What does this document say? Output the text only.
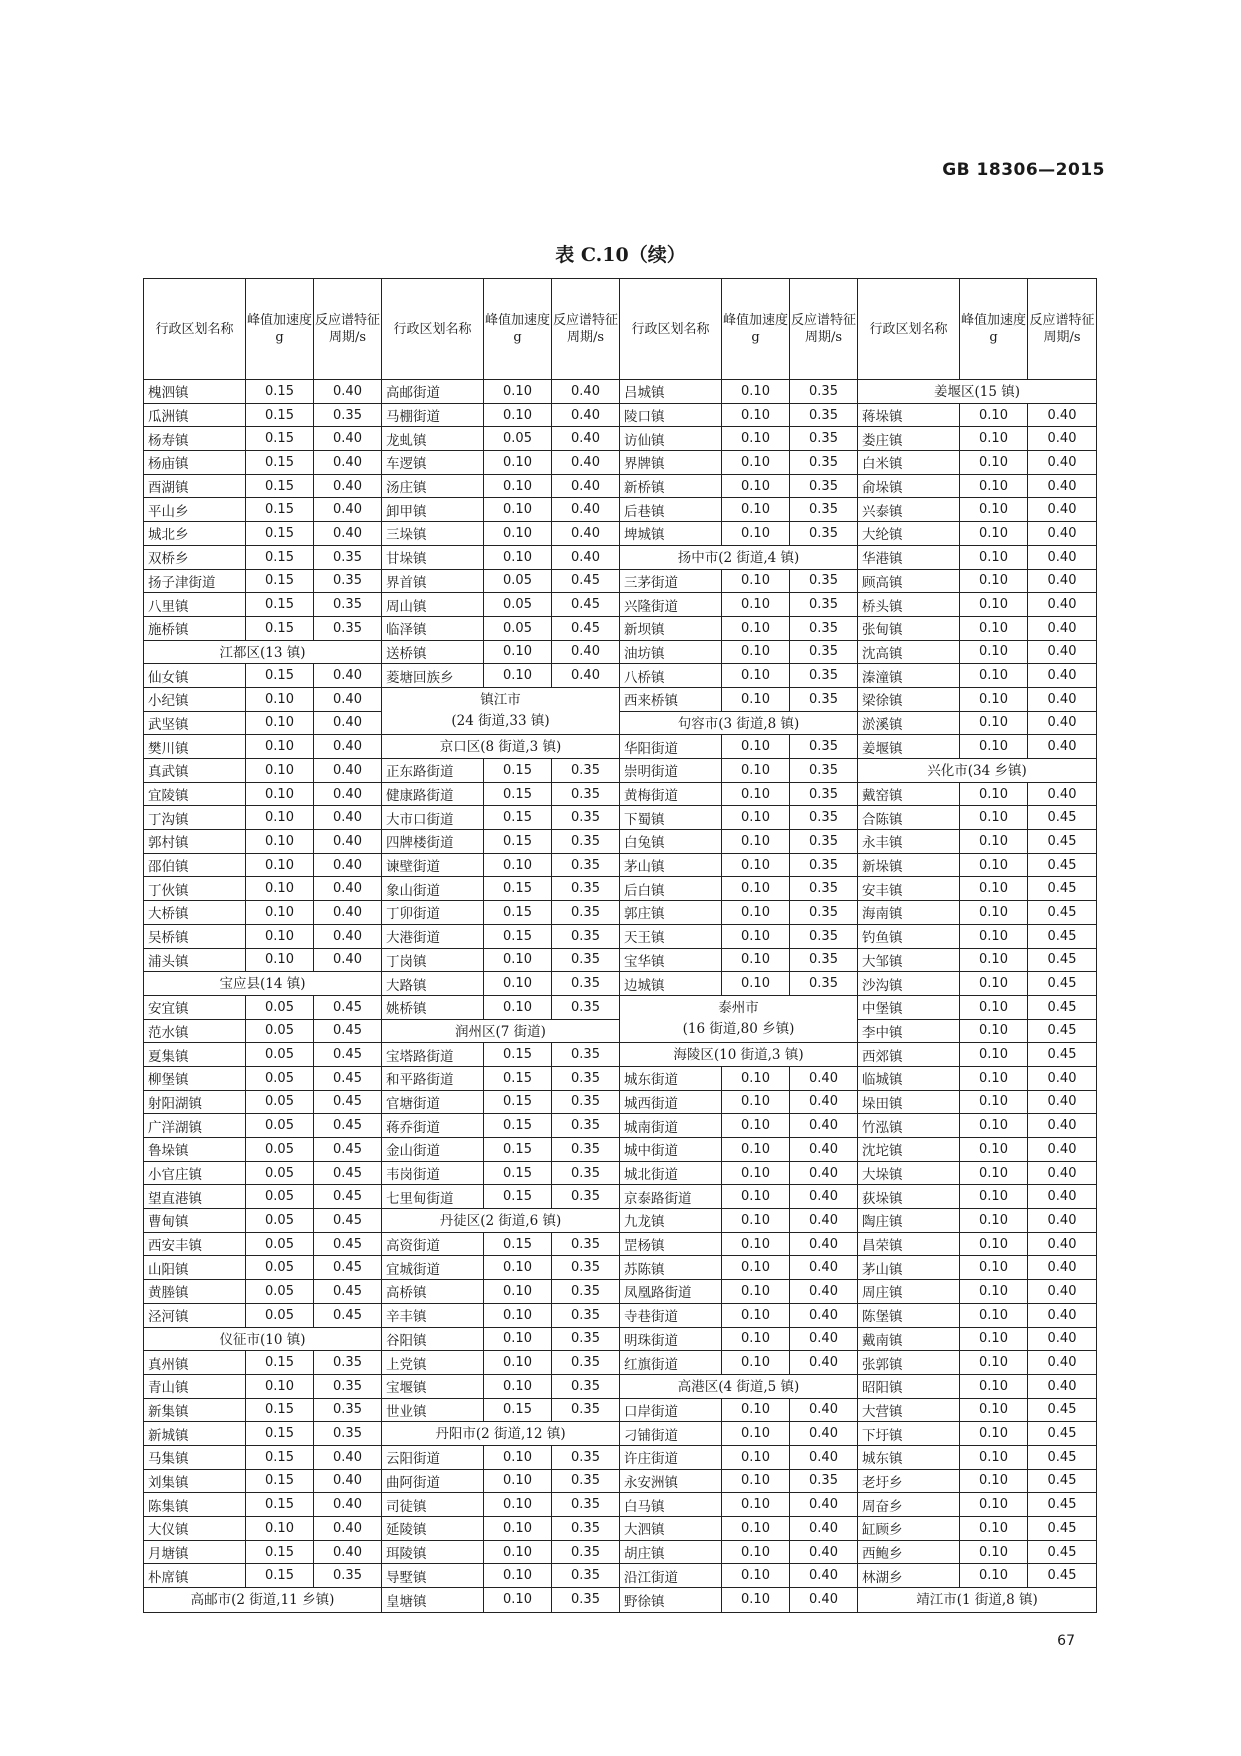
GB 18306—2015
表 C.10（续）
行政区划名称
峰值加速度g
反应谱特征周期/s
槐泗镇	0.15	0.40
瓜洲镇	0.15	0.35
杨寿镇	0.15	0.40
杨庙镇	0.15	0.40
酉湖镇	0.15	0.40
平山乡	0.15	0.40
城北乡	0.15	0.40
双桥乡	0.15	0.35
扬子津街道	0.15	0.35
八里镇	0.15	0.35
施桥镇	0.15	0.35
江都区(13 镇)
仙女镇	0.15	0.40
小纪镇	0.10	0.40
武坚镇	0.10	0.40
樊川镇	0.10	0.40
真武镇	0.10	0.40
宜陵镇	0.10	0.40
丁沟镇	0.10	0.40
郭村镇	0.10	0.40
邵伯镇	0.10	0.40
丁伙镇	0.10	0.40
大桥镇	0.10	0.40
吴桥镇	0.10	0.40
浦头镇	0.10	0.40
宝应县(14 镇)
安宜镇	0.05	0.45
范水镇	0.05	0.45
夏集镇	0.05	0.45
柳堡镇	0.05	0.45
射阳湖镇	0.05	0.45
广洋湖镇	0.05	0.45
鲁垛镇	0.05	0.45
小官庄镇	0.05	0.45
望直港镇	0.05	0.45
曹甸镇	0.05	0.45
西安丰镇	0.05	0.45
山阳镇	0.05	0.45
黄塍镇	0.05	0.45
泾河镇	0.05	0.45
仪征市(10 镇)
真州镇	0.15	0.35
青山镇	0.10	0.35
新集镇	0.15	0.35
新城镇	0.15	0.35
马集镇	0.15	0.40
刘集镇	0.15	0.40
陈集镇	0.15	0.40
大仪镇	0.10	0.40
月塘镇	0.15	0.40
朴席镇	0.15	0.35
高邮市(2 街道,11 乡镇)
行政区划名称
峰值加速度g
反应谱特征周期/s
高邮街道	0.10	0.40
马棚街道	0.10	0.40
龙虬镇	0.05	0.40
车逻镇	0.10	0.40
汤庄镇	0.10	0.40
卸甲镇	0.10	0.40
三垛镇	0.10	0.40
甘垛镇	0.10	0.40
界首镇	0.05	0.45
周山镇	0.05	0.45
临泽镇	0.05	0.45
送桥镇	0.10	0.40
菱塘回族乡	0.10	0.40
镇江市
(24 街道,33 镇)
京口区(8 街道,3 镇)
正东路街道	0.15	0.35
健康路街道	0.15	0.35
大市口街道	0.15	0.35
四牌楼街道	0.15	0.35
谏壁街道	0.10	0.35
象山街道	0.15	0.35
丁卯街道	0.15	0.35
大港街道	0.15	0.35
丁岗镇	0.10	0.35
大路镇	0.10	0.35
姚桥镇	0.10	0.35
润州区(7 街道)
宝塔路街道	0.15	0.35
和平路街道	0.15	0.35
官塘街道	0.15	0.35
蒋乔街道	0.15	0.35
金山街道	0.15	0.35
韦岗街道	0.15	0.35
七里甸街道	0.15	0.35
丹徒区(2 街道,6 镇)
高资街道	0.15	0.35
宜城街道	0.10	0.35
高桥镇	0.10	0.35
辛丰镇	0.10	0.35
谷阳镇	0.10	0.35
上党镇	0.10	0.35
宝堰镇	0.10	0.35
世业镇	0.15	0.35
丹阳市(2 街道,12 镇)
云阳街道	0.10	0.35
曲阿街道	0.10	0.35
司徒镇	0.10	0.35
延陵镇	0.10	0.35
珥陵镇	0.10	0.35
导墅镇	0.10	0.35
皇塘镇	0.10	0.35
行政区划名称
峰值加速度g
反应谱特征周期/s
吕城镇	0.10	0.35
陵口镇	0.10	0.35
访仙镇	0.10	0.35
界牌镇	0.10	0.35
新桥镇	0.10	0.35
后巷镇	0.10	0.35
埤城镇	0.10	0.35
扬中市(2 街道,4 镇)
三茅街道	0.10	0.35
兴隆街道	0.10	0.35
新坝镇	0.10	0.35
油坊镇	0.10	0.35
八桥镇	0.10	0.35
西来桥镇	0.10	0.35
句容市(3 街道,8 镇)
华阳街道	0.10	0.35
崇明街道	0.10	0.35
黄梅街道	0.10	0.35
下蜀镇	0.10	0.35
白兔镇	0.10	0.35
茅山镇	0.10	0.35
后白镇	0.10	0.35
郭庄镇	0.10	0.35
天王镇	0.10	0.35
宝华镇	0.10	0.35
边城镇	0.10	0.35
泰州市
(16 街道,80 乡镇)
海陵区(10 街道,3 镇)
城东街道	0.10	0.40
城西街道	0.10	0.40
城南街道	0.10	0.40
城中街道	0.10	0.40
城北街道	0.10	0.40
京泰路街道	0.10	0.40
九龙镇	0.10	0.40
罡杨镇	0.10	0.40
苏陈镇	0.10	0.40
凤凰路街道	0.10	0.40
寺巷街道	0.10	0.40
明珠街道	0.10	0.40
红旗街道	0.10	0.40
高港区(4 街道,5 镇)
口岸街道	0.10	0.40
刁铺街道	0.10	0.40
许庄街道	0.10	0.40
永安洲镇	0.10	0.35
白马镇	0.10	0.40
大泗镇	0.10	0.40
胡庄镇	0.10	0.40
沿江街道	0.10	0.40
野徐镇	0.10	0.40
行政区划名称
峰值加速度g
反应谱特征周期/s
姜堰区(15 镇)
蒋垛镇	0.10	0.40
娄庄镇	0.10	0.40
白米镇	0.10	0.40
俞垛镇	0.10	0.40
兴泰镇	0.10	0.40
大纶镇	0.10	0.40
华港镇	0.10	0.40
顾高镇	0.10	0.40
桥头镇	0.10	0.40
张甸镇	0.10	0.40
沈高镇	0.10	0.40
溱潼镇	0.10	0.40
梁徐镇	0.10	0.40
淤溪镇	0.10	0.40
姜堰镇	0.10	0.40
兴化市(34 乡镇)
戴窑镇	0.10	0.40
合陈镇	0.10	0.45
永丰镇	0.10	0.45
新垛镇	0.10	0.45
安丰镇	0.10	0.45
海南镇	0.10	0.45
钓鱼镇	0.10	0.45
大邹镇	0.10	0.45
沙沟镇	0.10	0.45
中堡镇	0.10	0.45
李中镇	0.10	0.45
西郊镇	0.10	0.45
临城镇	0.10	0.40
垛田镇	0.10	0.40
竹泓镇	0.10	0.40
沈坨镇	0.10	0.40
大垛镇	0.10	0.40
荻垛镇	0.10	0.40
陶庄镇	0.10	0.40
昌荣镇	0.10	0.40
茅山镇	0.10	0.40
周庄镇	0.10	0.40
陈堡镇	0.10	0.40
戴南镇	0.10	0.40
张郭镇	0.10	0.40
昭阳镇	0.10	0.40
大营镇	0.10	0.45
下圩镇	0.10	0.45
城东镇	0.10	0.45
老圩乡	0.10	0.45
周奋乡	0.10	0.45
缸顾乡	0.10	0.45
西鲍乡	0.10	0.45
林湖乡	0.10	0.45
靖江市(1 街道,8 镇)
67
